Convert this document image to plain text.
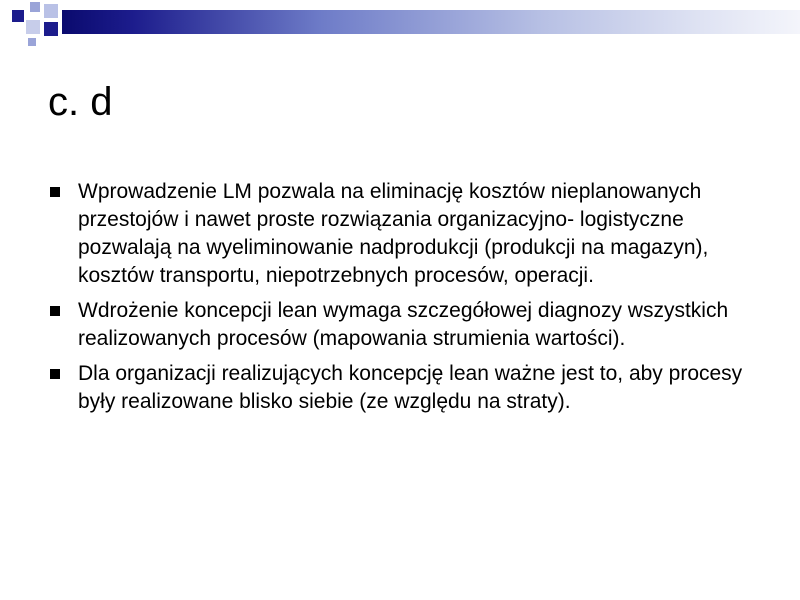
c. d
Wprowadzenie LM pozwala na eliminację kosztów nieplanowanych przestojów i nawet proste rozwiązania organizacyjno- logistyczne pozwalają na wyeliminowanie nadprodukcji (produkcji na magazyn), kosztów transportu, niepotrzebnych procesów, operacji.
Wdrożenie koncepcji lean wymaga szczegółowej diagnozy wszystkich realizowanych procesów (mapowania strumienia wartości).
Dla organizacji realizujących koncepcję lean ważne jest to, aby procesy były realizowane blisko siebie (ze względu na straty).
